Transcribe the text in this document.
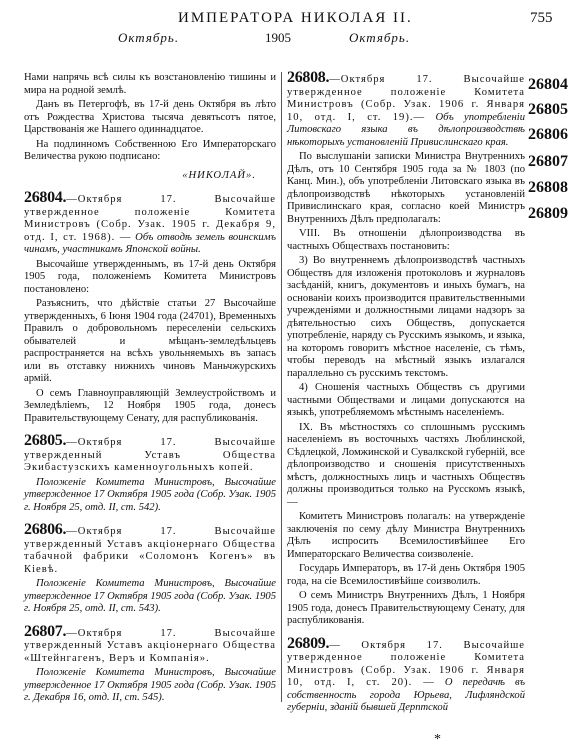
ИМПЕРАТОРА НИКОЛАЯ II.	755
Октябрь.	1905	Октябрь.

Нами напрячь всѣ силы къ возстановленію тишины и мира на родной землѣ.

Данъ въ Петергофѣ, въ 17-й день Октября въ лѣто отъ Рождества Христова тысяча девятьсотъ пятое, Царствованія же Нашего одиннадцатое.

На подлинномъ Собственною Его Императорскаго Величества рукою подписано:

«НИКОЛАЙ».

26804.—Октября 17. Высочайше утвержденное положеніе Комитета Министровъ (Собр. Узак. 1905 г. Декабря 9, отд. I, ст. 1968). — Объ отводѣ земель воинскимъ чинамъ, участникамъ Японской войны.

Высочайше утвержденнымъ, въ 17-й день Октября 1905 года, положеніемъ Комитета Министровъ постановлено:

Разъяснить, что дѣйствіе статьи 27 Высочайше утвержденныхъ, 6 Іюня 1904 года (24701), Временныхъ Правилъ о добровольномъ переселеніи сельскихъ обывателей и мѣщанъ-земледѣльцевъ распространяется на всѣхъ увольняемыхъ въ запасъ или въ отставку нижнихъ чиновъ Маньчжурскихъ армій.

О семъ Главноуправляющій Землеустройствомъ и Земледѣліемъ, 12 Ноября 1905 года, донесъ Правительствующему Сенату, для распубликованія.

26805.—Октября 17. Высочайше утвержденный Уставъ Общества Экибастузскихъ каменноугольныхъ копей.

Положеніе Комитета Министровъ, Высочайше утвержденное 17 Октября 1905 года (Собр. Узак. 1905 г. Ноября 25, отд. II, ст. 542).

26806.—Октября 17. Высочайше утвержденный Уставъ акціонернаго Общества табачной фабрики «Соломонъ Когенъ» въ Кіевѣ.

Положеніе Комитета Министровъ, Высочайше утвержденное 17 Октября 1905 года (Собр. Узак. 1905 г. Ноября 25, отд. II, ст. 543).

26807.—Октября 17. Высочайше утвержденный Уставъ акціонернаго Общества «Штейнгагенъ, Веръ и Компанія».

Положеніе Комитета Министровъ, Высочайше утвержденное 17 Октября 1905 года (Собр. Узак. 1905 г. Декабря 16, отд. II, ст. 545).

26808.—Октября 17. Высочайше утвержденное положеніе Комитета Министровъ (Собр. Узак. 1906 г. Января 10, отд. I, ст. 19).— Объ употребленіи Литовскаго языка въ дѣлопроизводствѣ нѣкоторыхъ установленій Привислинскаго края.

По выслушаніи записки Министра Внутреннихъ Дѣлъ, отъ 10 Сентября 1905 года за № 1803 (по Канц. Мин.), объ употребленіи Литовскаго языка въ дѣлопроизводствѣ нѣкоторыхъ установленій Привислинскаго края, согласно коей Министръ Внутреннихъ Дѣлъ предполагалъ:

VIII. Въ отношеніи дѣлопроизводства въ частныхъ Обществахъ постановить:

3) Во внутреннемъ дѣлопроизводствѣ частныхъ Обществъ для изложенія протоколовъ и журналовъ засѣданій, книгъ, документовъ и иныхъ бумагъ, на основаніи коихъ производится правительственными учрежденіями и должностными лицами надзоръ за дѣятельностью сихъ Обществъ, допускается употребленіе, наряду съ Русскимъ языкомъ, и языка, на которомъ говоритъ мѣстное населеніе, съ тѣмъ, чтобы переводъ на мѣстный языкъ излагался параллельно съ русскимъ текстомъ.

4) Сношенія частныхъ Обществъ съ другими частными Обществами и лицами допускаются на языкѣ, употребляемомъ мѣстнымъ населеніемъ.

IX. Въ мѣстностяхъ со сплошнымъ русскимъ населеніемъ въ восточныхъ частяхъ Люблинской, Сѣдлецкой, Ломжинской и Сувалкской губерній, все дѣлопроизводство и сношенія присутственныхъ мѣстъ, должностныхъ лицъ и частныхъ Обществъ должны производиться только на Русскомъ языкѣ, —

Комитетъ Министровъ полагалъ: на утвержденіе заключенія по сему дѣлу Министра Внутреннихъ Дѣлъ испросить Всемилостивѣйшее Его Императорскаго Величества соизволеніе.

Государь Императоръ, въ 17-й день Октября 1905 года, на сіе Всемилостивѣйше соизволилъ.

О семъ Министръ Внутреннихъ Дѣлъ, 1 Ноября 1905 года, донесъ Правительствующему Сенату, для распубликованія.

26809.— Октября 17. Высочайше утвержденное положеніе Комитета Министровъ (Собр. Узак. 1906 г. Января 10, отд. I, ст. 20). — О передачѣ въ собственность города Юрьева, Лифляндской губерніи, зданій бывшей Дерптской

26804
26805
26806
26807
26808
26809
*
